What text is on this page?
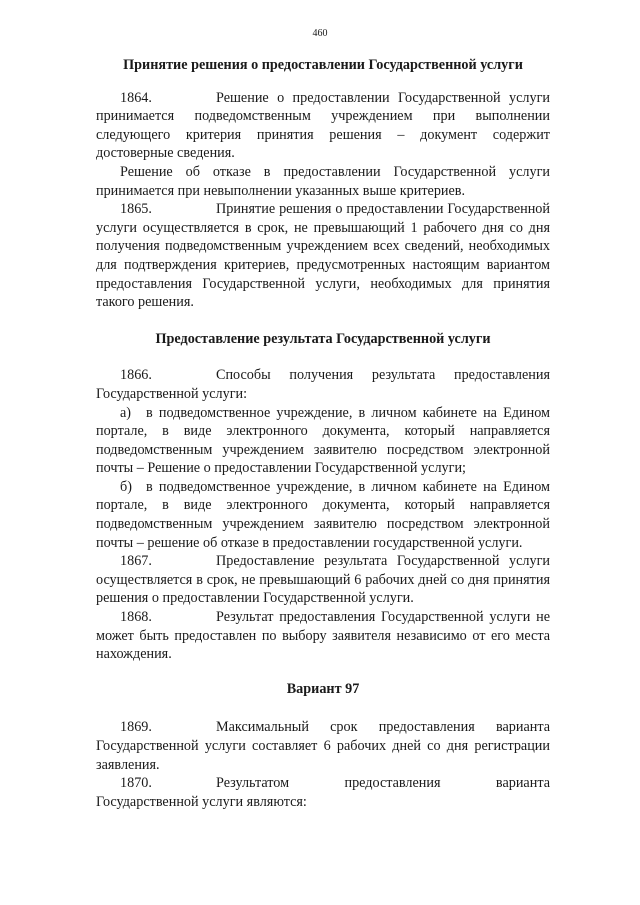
460
Принятие решения о предоставлении Государственной услуги

1864.	Решение о предоставлении Государственной услуги принимается подведомственным учреждением при выполнении следующего критерия принятия решения – документ содержит достоверные сведения.

Решение об отказе в предоставлении Государственной услуги принимается при невыполнении указанных выше критериев.

1865.	Принятие решения о предоставлении Государственной услуги осуществляется в срок, не превышающий 1 рабочего дня со дня получения подведомственным учреждением всех сведений, необходимых для подтверждения критериев, предусмотренных настоящим вариантом предоставления Государственной услуги, необходимых для принятия такого решения.

Предоставление результата Государственной услуги

1866.	Способы получения результата предоставления Государственной услуги:

а) в подведомственное учреждение, в личном кабинете на Едином портале, в виде электронного документа, который направляется подведомственным учреждением заявителю посредством электронной почты – Решение о предоставлении Государственной услуги;

б) в подведомственное учреждение, в личном кабинете на Едином портале, в виде электронного документа, который направляется подведомственным учреждением заявителю посредством электронной почты – решение об отказе в предоставлении государственной услуги.

1867.	Предоставление результата Государственной услуги осуществляется в срок, не превышающий 6 рабочих дней со дня принятия решения о предоставлении Государственной услуги.

1868.	Результат предоставления Государственной услуги не может быть предоставлен по выбору заявителя независимо от его места нахождения.

Вариант 97

1869.	Максимальный срок предоставления варианта Государственной услуги составляет 6 рабочих дней со дня регистрации заявления.

1870.	Результатом предоставления варианта Государственной услуги являются:
